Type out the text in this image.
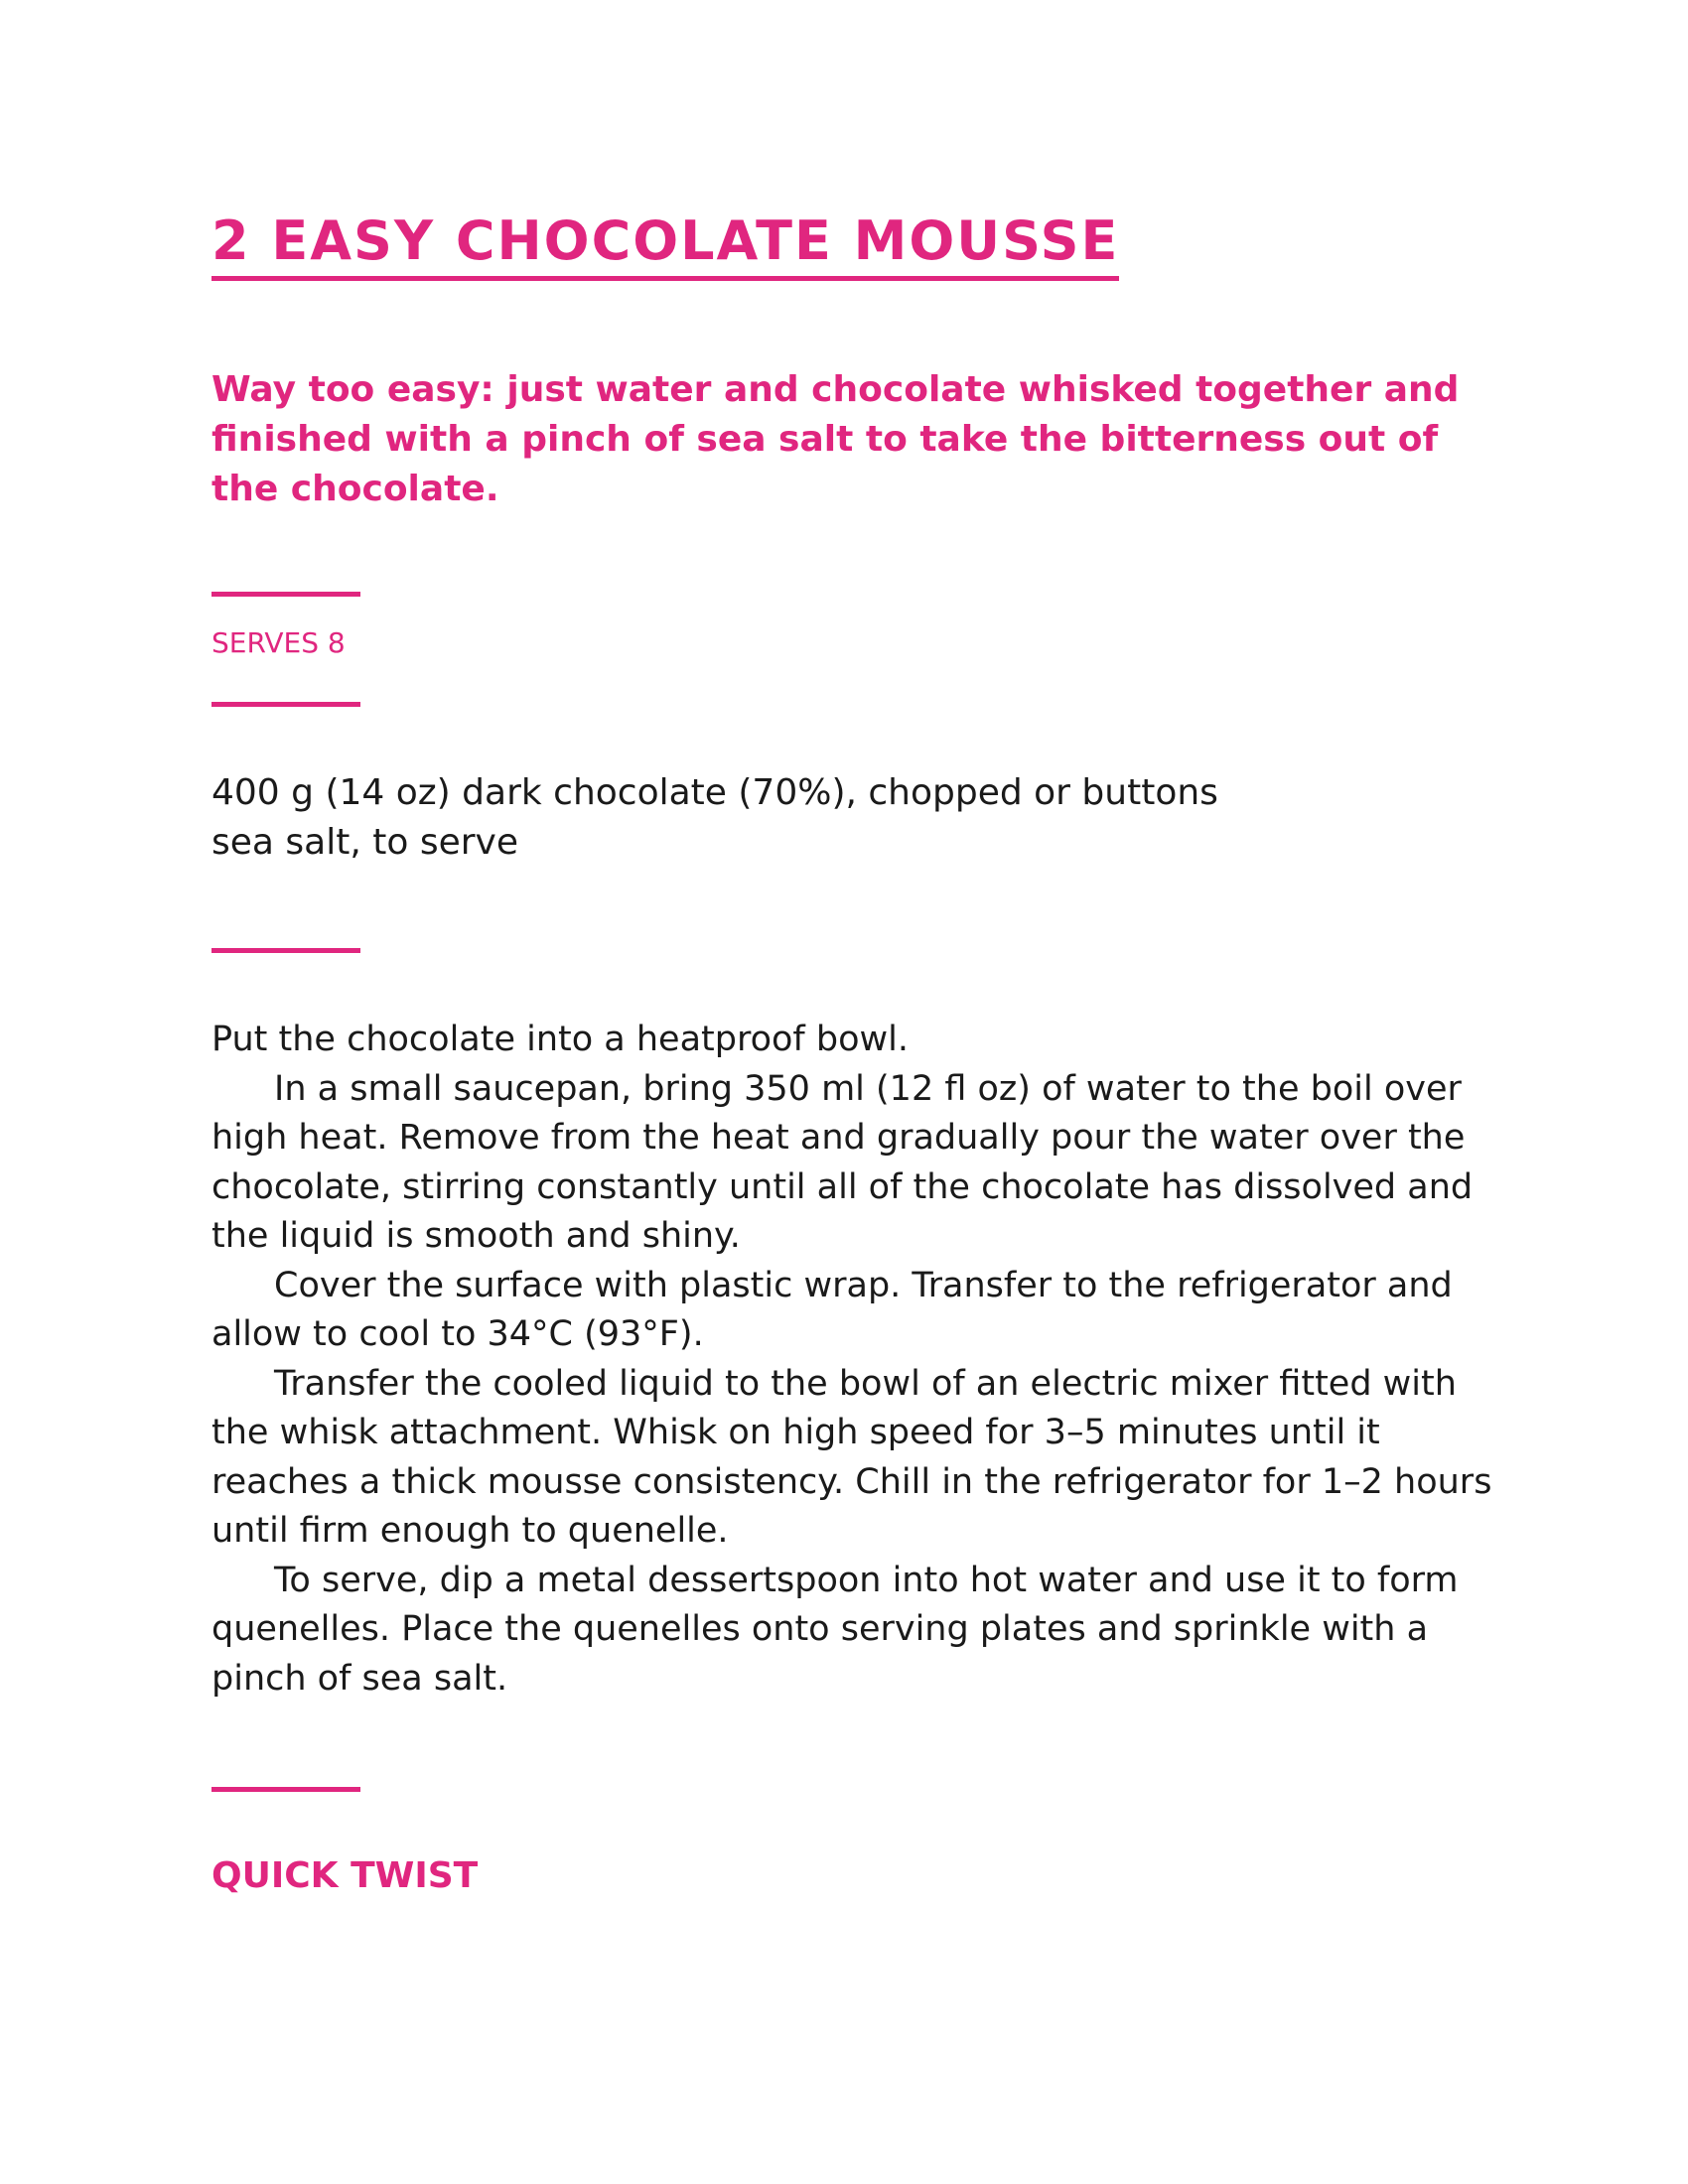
2 EASY CHOCOLATE MOUSSE

Way too easy: just water and chocolate whisked together and finished with a pinch of sea salt to take the bitterness out of the chocolate.

SERVES 8

400 g (14 oz) dark chocolate (70%), chopped or buttons
sea salt, to serve

Put the chocolate into a heatproof bowl.

In a small saucepan, bring 350 ml (12 fl oz) of water to the boil over high heat. Remove from the heat and gradually pour the water over the chocolate, stirring constantly until all of the chocolate has dissolved and the liquid is smooth and shiny.

Cover the surface with plastic wrap. Transfer to the refrigerator and allow to cool to 34°C (93°F).

Transfer the cooled liquid to the bowl of an electric mixer fitted with the whisk attachment. Whisk on high speed for 3–5 minutes until it reaches a thick mousse consistency. Chill in the refrigerator for 1–2 hours until firm enough to quenelle.

To serve, dip a metal dessertspoon into hot water and use it to form quenelles. Place the quenelles onto serving plates and sprinkle with a pinch of sea salt.

QUICK TWIST
